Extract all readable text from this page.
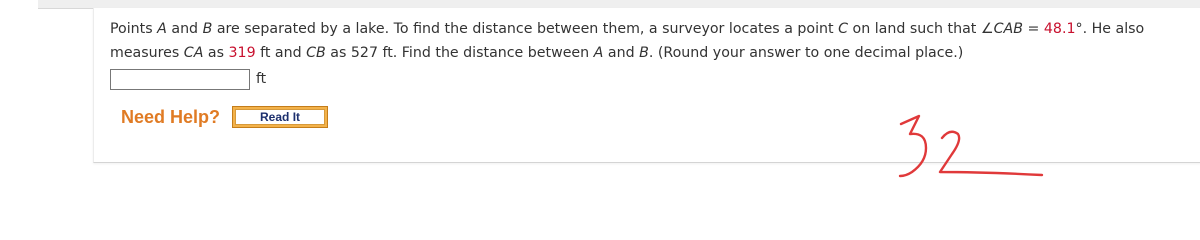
Points A and B are separated by a lake. To find the distance between them, a surveyor locates a point C on land such that ∠CAB = 48.1°. He also measures CA as 319 ft and CB as 527 ft. Find the distance between A and B. (Round your answer to one decimal place.)

ft
Need Help?	Read It
